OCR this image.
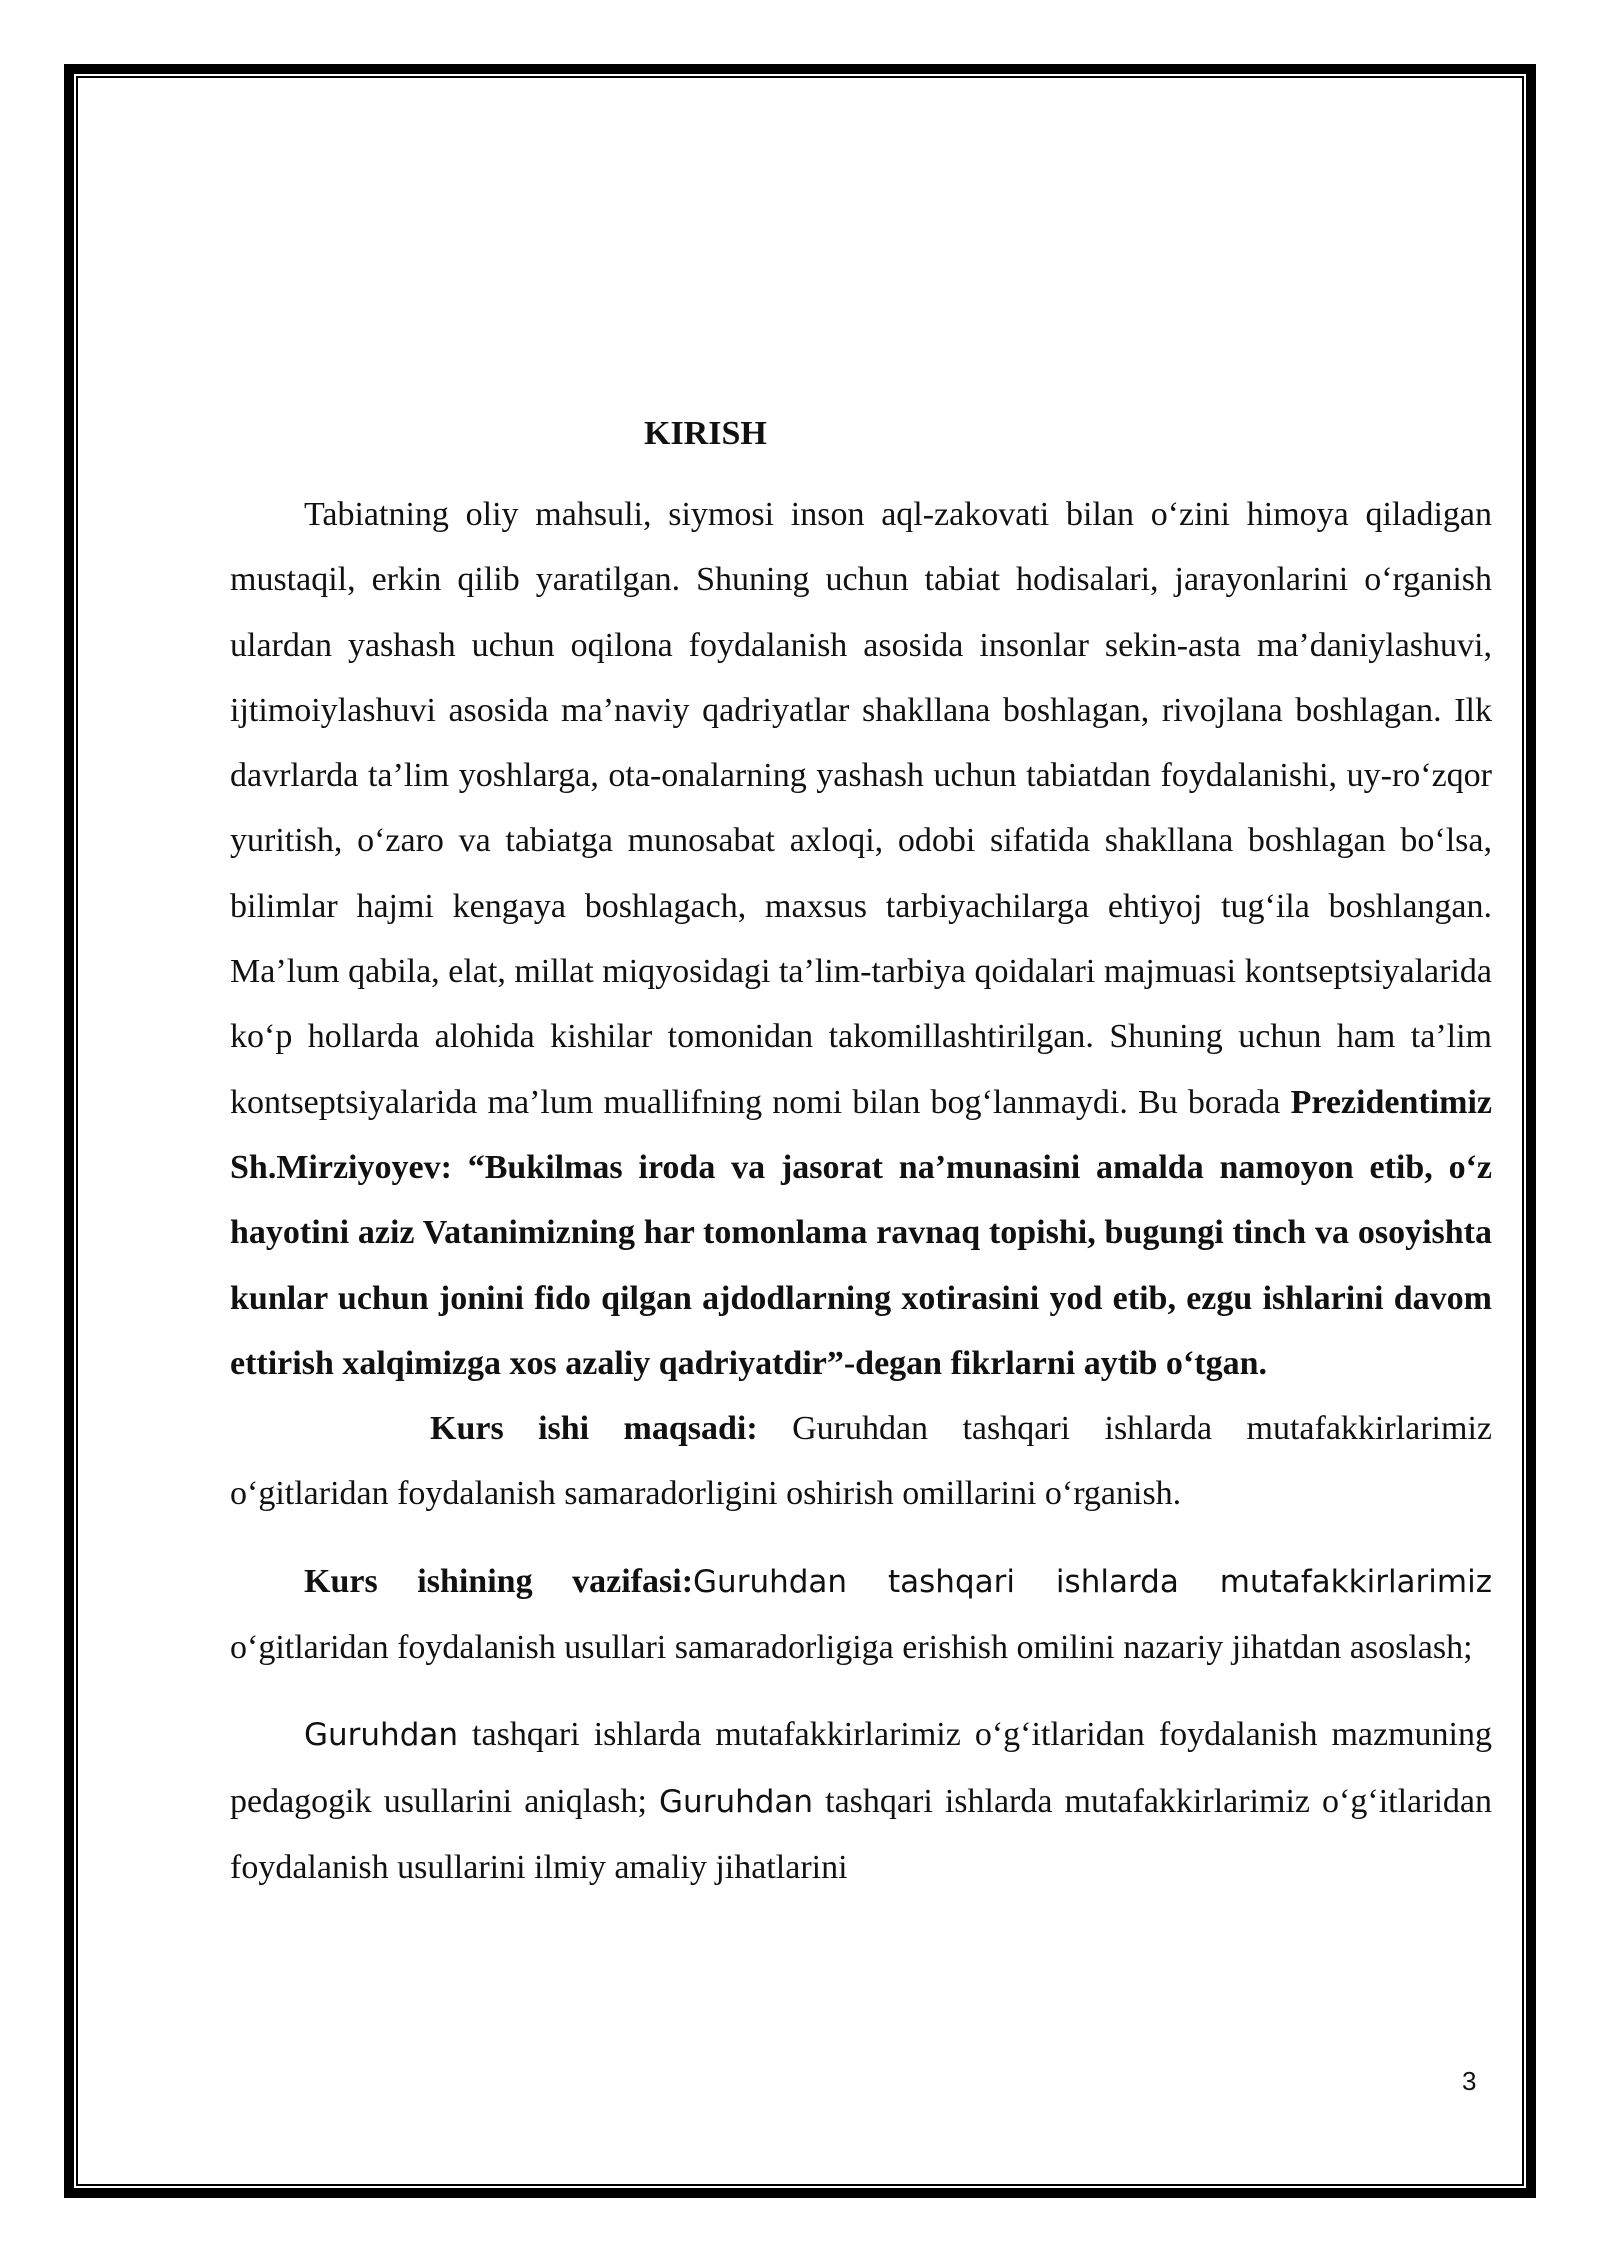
KIRISH

Tabiatning oliy mahsuli, siymosi inson aql-zakovati bilan o‘zini himoya qiladigan mustaqil, erkin qilib yaratilgan. Shuning uchun tabiat hodisalari, jarayonlarini o‘rganish ulardan yashash uchun oqilona foydalanish asosida insonlar sekin-asta ma’daniylashuvi, ijtimoiylashuvi asosida ma’naviy qadriyatlar shakllana boshlagan, rivojlana boshlagan. Ilk davrlarda ta’lim yoshlarga, ota-onalarning yashash uchun tabiatdan foydalanishi, uy-ro‘zqor yuritish, o‘zaro va tabiatga munosabat axloqi, odobi sifatida shakllana boshlagan bo‘lsa, bilimlar hajmi kengaya boshlagach, maxsus tarbiyachilarga ehtiyoj tug‘ila boshlangan. Ma’lum qabila, elat, millat miqyosidagi ta’lim-tarbiya qoidalari majmuasi kontseptsiyalarida ko‘p hollarda alohida kishilar tomonidan takomillashtirilgan. Shuning uchun ham ta’lim kontseptsiyalarida ma’lum muallifning nomi bilan bog‘lanmaydi. Bu borada Prezidentimiz Sh.Mirziyoyev: “Bukilmas iroda va jasorat na’munasini amalda namoyon etib, o‘z hayotini aziz Vatanimizning har tomonlama ravnaq topishi, bugungi tinch va osoyishta kunlar uchun jonini fido qilgan ajdodlarning xotirasini yod etib, ezgu ishlarini davom ettirish xalqimizga xos azaliy qadriyatdir”-degan fikrlarni aytib o‘tgan.

Kurs ishi maqsadi: Guruhdan tashqari ishlarda mutafakkirlarimiz o‘gitlaridan foydalanish samaradorligini oshirish omillarini o‘rganish.

Kurs ishining vazifasi:Guruhdan tashqari ishlarda mutafakkirlarimiz o‘gitlaridan foydalanish usullari samaradorligiga erishish omilini nazariy jihatdan asoslash;

Guruhdan tashqari ishlarda mutafakkirlarimiz o‘g‘itlaridan foydalanish mazmuning pedagogik usullarini aniqlash; Guruhdan tashqari ishlarda mutafakkirlarimiz o‘g‘itlaridan foydalanish usullarini ilmiy amaliy jihatlarini

3
